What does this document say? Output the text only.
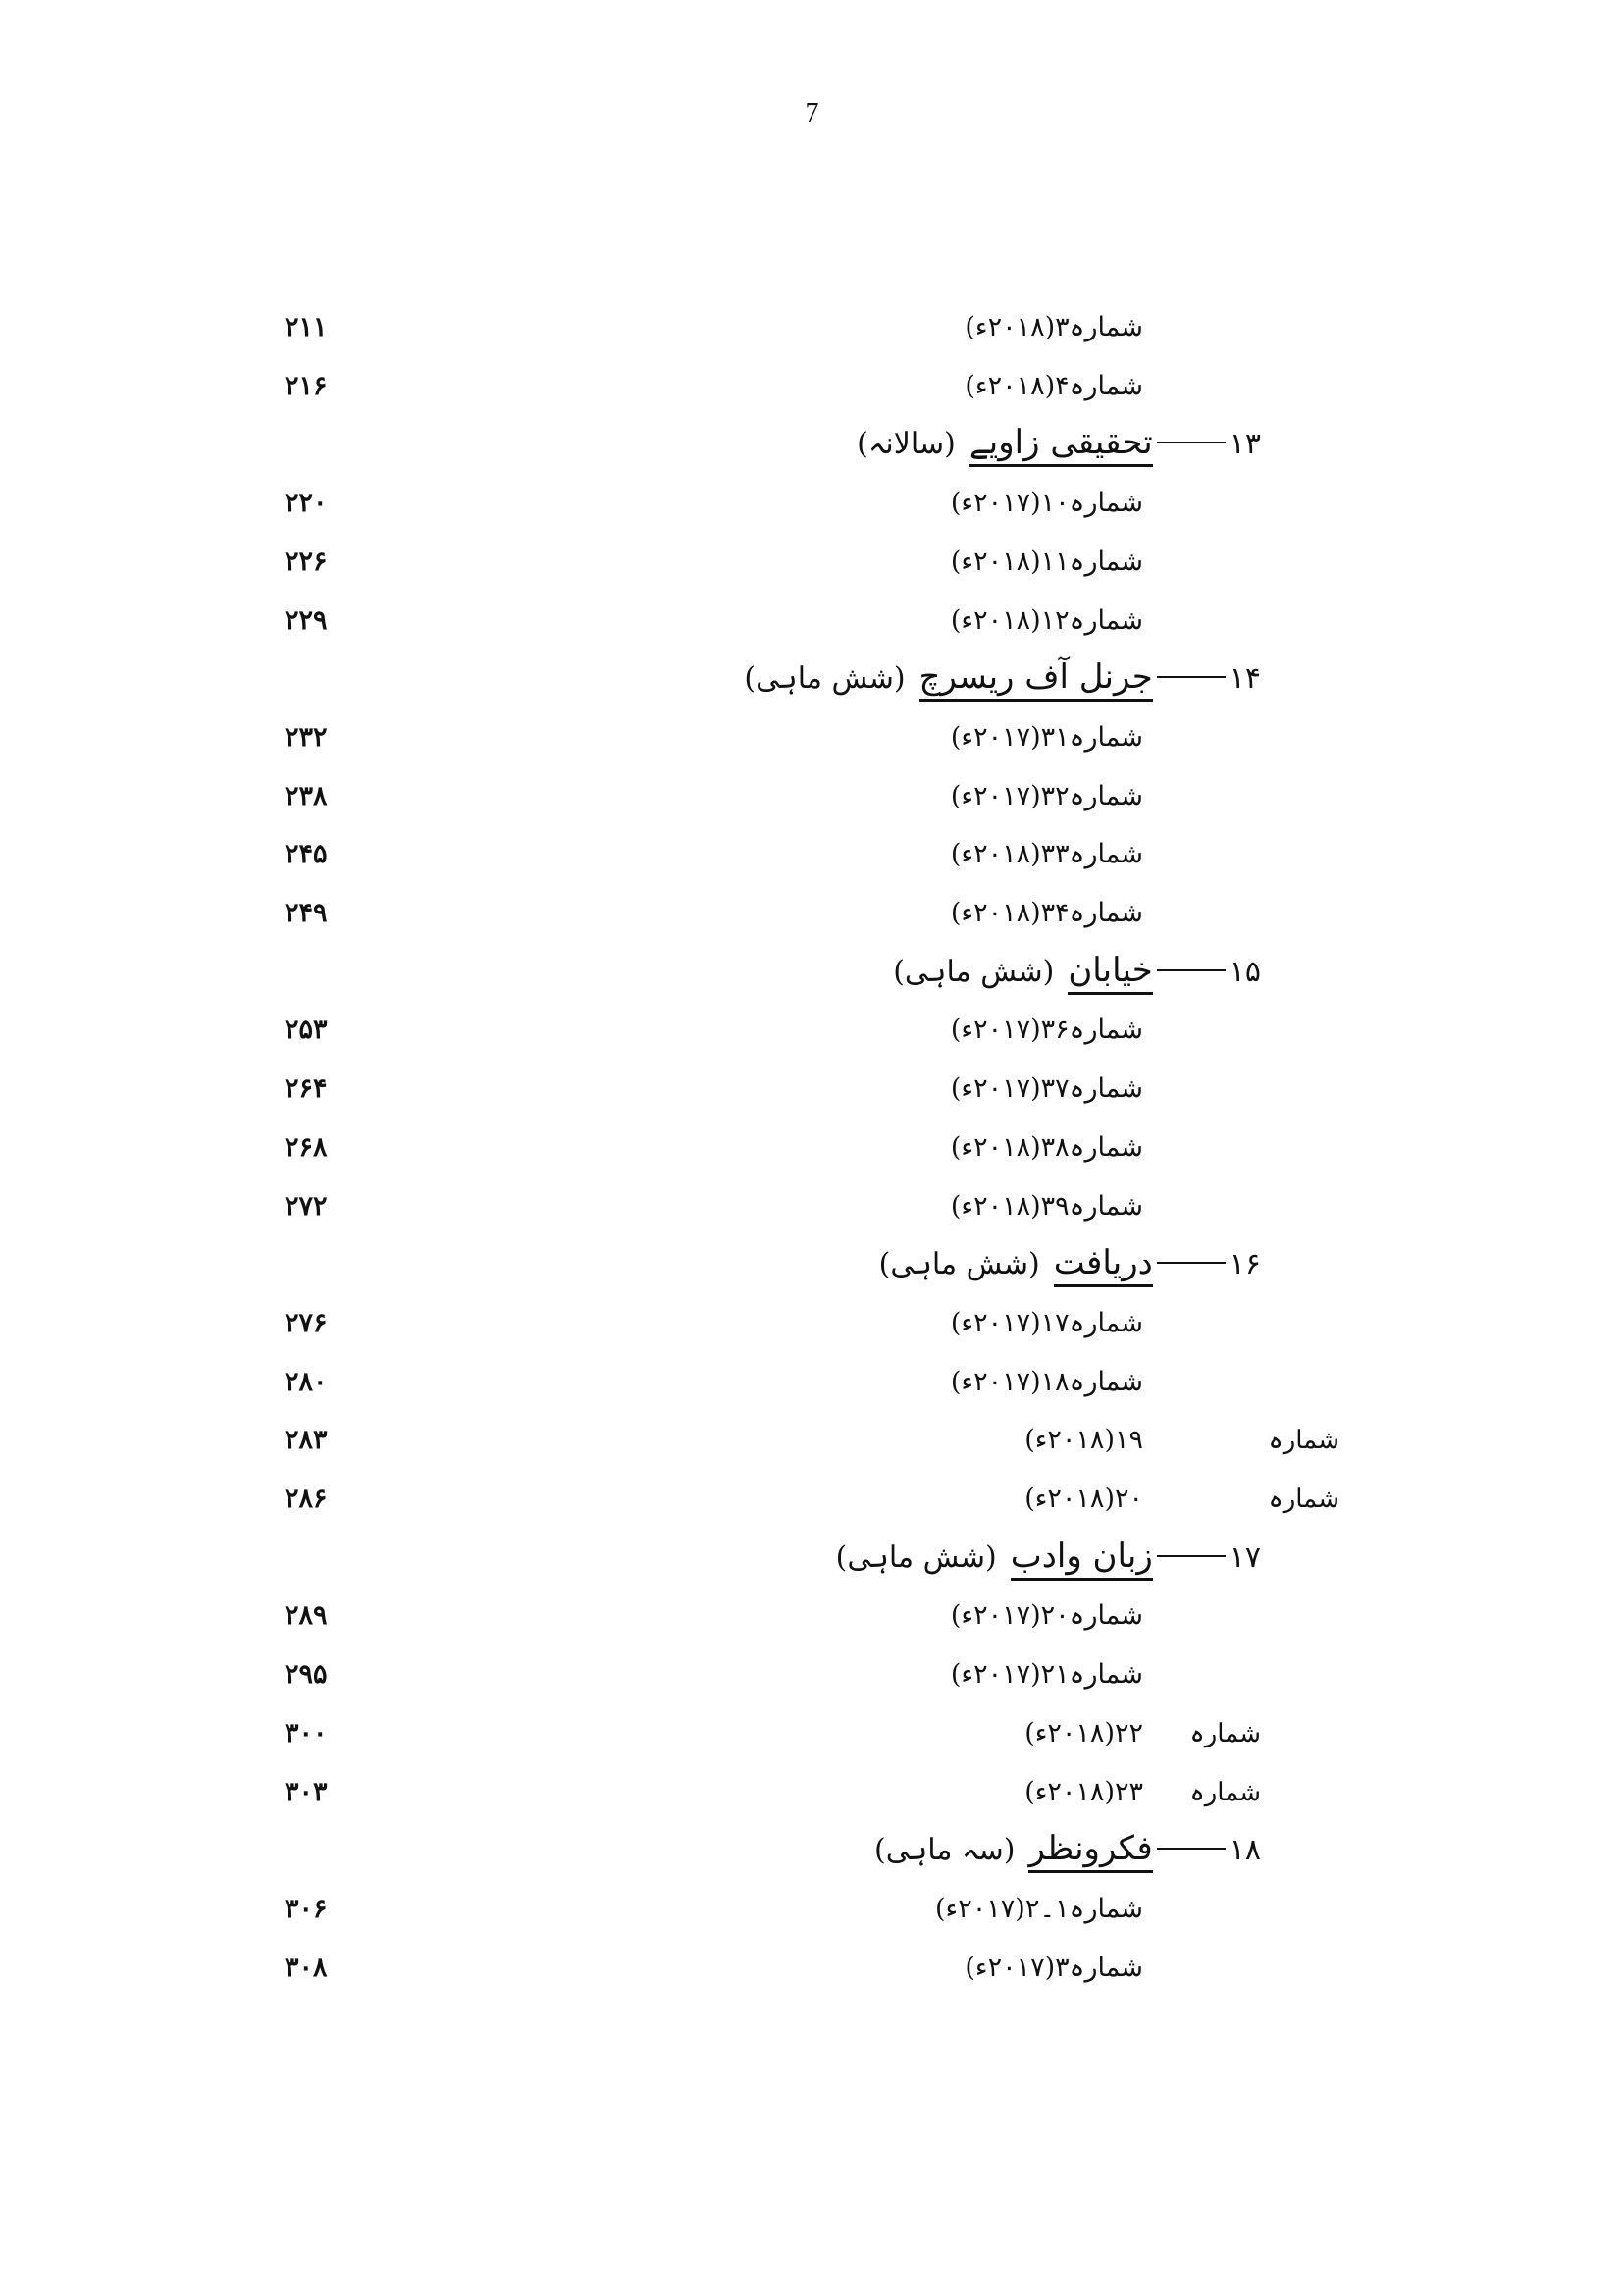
7
شمارہ۳(۲۰۱۸ء)
۲۱۱
شمارہ۴(۲۰۱۸ء)
۲۱۶
۱۳تحقیقی زاویے(سالانہ)
شمارہ۱۰(۲۰۱۷ء)
۲۲۰
شمارہ۱۱(۲۰۱۸ء)
۲۲۶
شمارہ۱۲(۲۰۱۸ء)
۲۲۹
۱۴جرنل آف ریسرچ(شش ماہی)
شمارہ۳۱(۲۰۱۷ء)
۲۳۲
شمارہ۳۲(۲۰۱۷ء)
۲۳۸
شمارہ۳۳(۲۰۱۸ء)
۲۴۵
شمارہ۳۴(۲۰۱۸ء)
۲۴۹
۱۵خیابان(شش ماہی)
شمارہ۳۶(۲۰۱۷ء)
۲۵۳
شمارہ۳۷(۲۰۱۷ء)
۲۶۴
شمارہ۳۸(۲۰۱۸ء)
۲۶۸
شمارہ۳۹(۲۰۱۸ء)
۲۷۲
۱۶دریافت(شش ماہی)
شمارہ۱۷(۲۰۱۷ء)
۲۷۶
شمارہ۱۸(۲۰۱۷ء)
۲۸۰
شمارہ
۱۹(۲۰۱۸ء)
۲۸۳
شمارہ
۲۰(۲۰۱۸ء)
۲۸۶
۱۷زبان وادب(شش ماہی)
شمارہ۲۰(۲۰۱۷ء)
۲۸۹
شمارہ۲۱(۲۰۱۷ء)
۲۹۵
شمارہ
۲۲(۲۰۱۸ء)
۳۰۰
شمارہ
۲۳(۲۰۱۸ء)
۳۰۳
۱۸فکرونظر(سہ ماہی)
شمارہ۱۔۲(۲۰۱۷ء)
۳۰۶
شمارہ۳(۲۰۱۷ء)
۳۰۸
